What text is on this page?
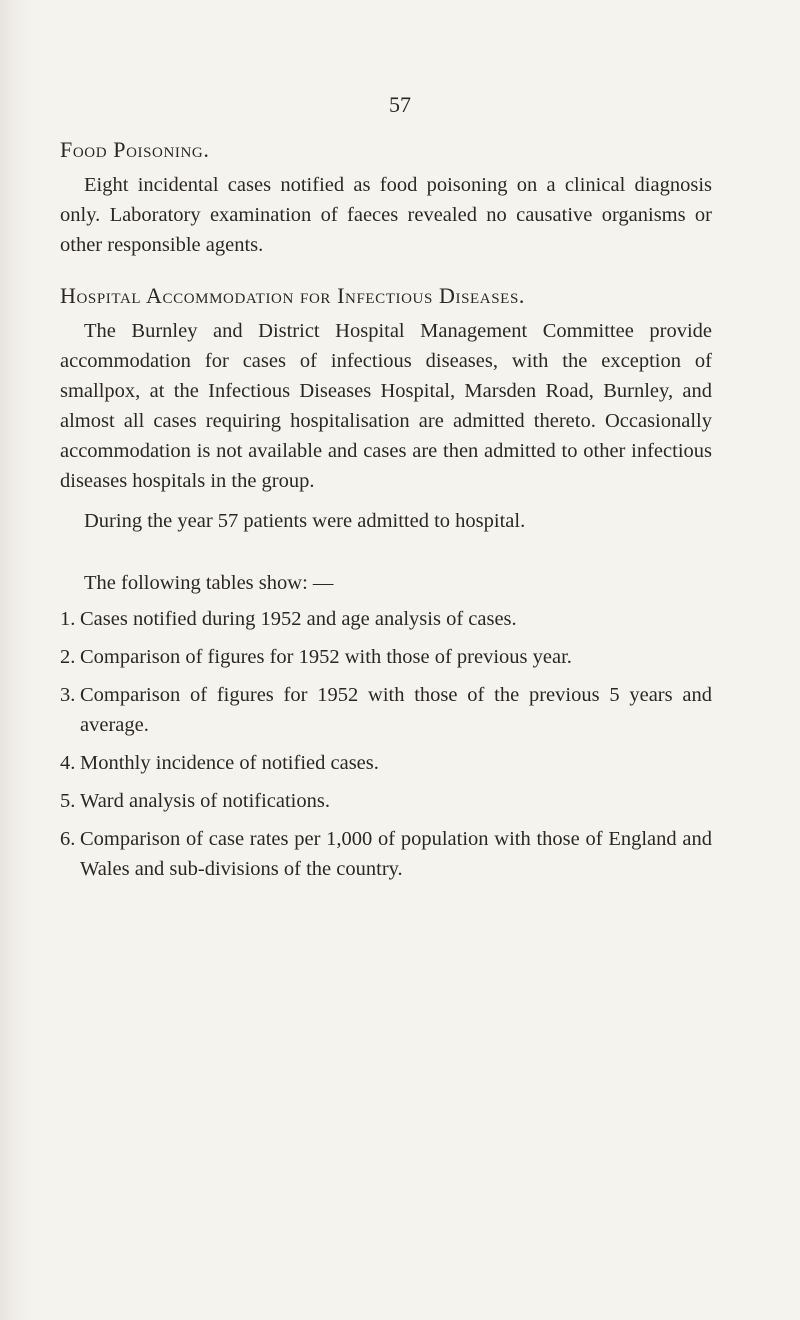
57
Food Poisoning.

Eight incidental cases notified as food poisoning on a clinical diagnosis only. Laboratory examination of faeces revealed no causative organisms or other responsible agents.

Hospital Accommodation for Infectious Diseases.

The Burnley and District Hospital Management Committee provide accommodation for cases of infectious diseases, with the exception of smallpox, at the Infectious Diseases Hospital, Marsden Road, Burnley, and almost all cases requiring hospitalisation are admitted thereto. Occasionally accommodation is not available and cases are then admitted to other infectious diseases hospitals in the group.

During the year 57 patients were admitted to hospital.

The following tables show: —

1. Cases notified during 1952 and age analysis of cases.
2. Comparison of figures for 1952 with those of previous year.
3. Comparison of figures for 1952 with those of the previous 5 years and average.
4. Monthly incidence of notified cases.
5. Ward analysis of notifications.
6. Comparison of case rates per 1,000 of population with those of England and Wales and sub-divisions of the country.
